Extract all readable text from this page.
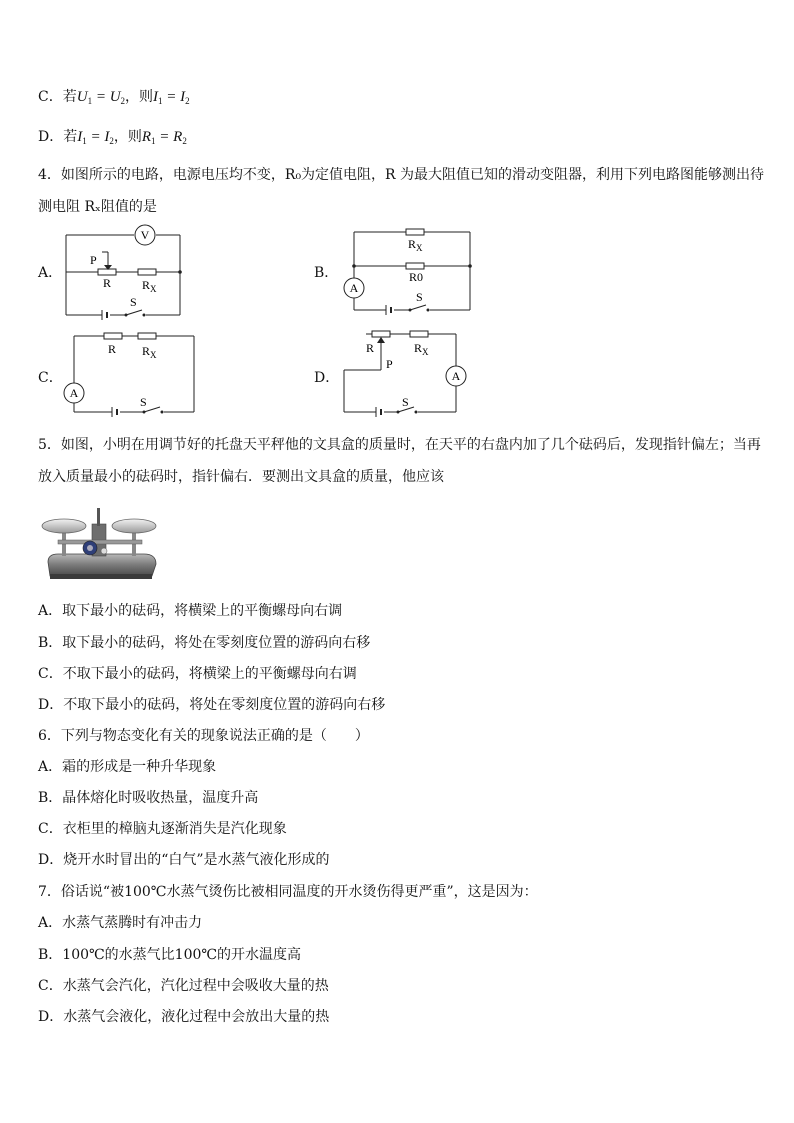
C．若$U_1 = U_2$，则$I_1 = I_2$
D．若$I_1 = I_2$，则$R_1 = R_2$
4．如图所示的电路，电源电压均不变，R₀为定值电阻，R 为最大阻值已知的滑动变阻器，利用下列电路图能够测出待
测电阻 Rₓ阻值的是
A．	B．
C．	D．
V
P
R	$R_X$
S
A
$R_X$
R0
S
A
R $R_X$
S
A
R
P
$R_X$
S
5．如图，小明在用调节好的托盘天平秤他的文具盒的质量时，在天平的右盘内加了几个砝码后，发现指针偏左；当再
放入质量最小的砝码时，指针偏右．要测出文具盒的质量，他应该
A．取下最小的砝码，将横梁上的平衡螺母向右调
B．取下最小的砝码，将处在零刻度位置的游码向右移
C．不取下最小的砝码，将横梁上的平衡螺母向右调
D．不取下最小的砝码，将处在零刻度位置的游码向右移
6．下列与物态变化有关的现象说法正确的是（　　）
A．霜的形成是一种升华现象
B．晶体熔化时吸收热量，温度升高
C．衣柜里的樟脑丸逐渐消失是汽化现象
D．烧开水时冒出的“白气”是水蒸气液化形成的
7．俗话说“被100℃水蒸气烫伤比被相同温度的开水烫伤得更严重”，这是因为：
A．水蒸气蒸腾时有冲击力
B．100℃的水蒸气比100℃的开水温度高
C．水蒸气会汽化，汽化过程中会吸收大量的热
D．水蒸气会液化，液化过程中会放出大量的热
